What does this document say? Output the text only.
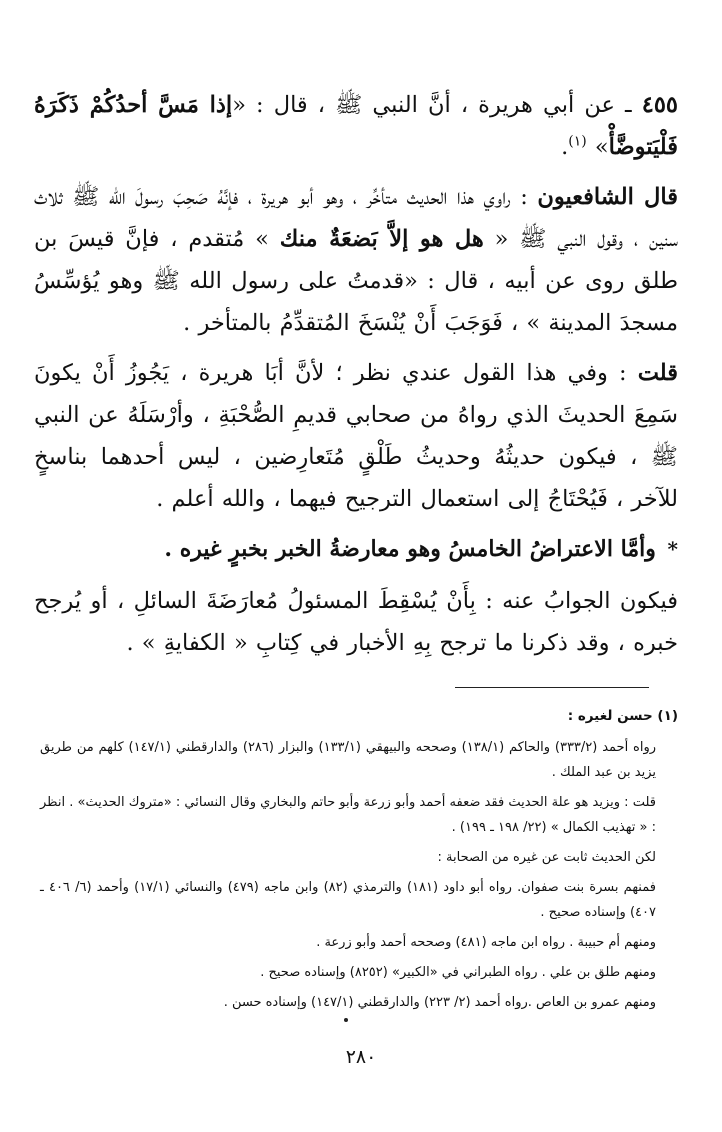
٤٥٥ ـ عن أبي هريرة ، أنَّ النبي ﷺ ، قال : «إذا مَسَّ أحدُكُمْ ذَكَرَهُ فَلْيَتوضَّأْ» $^{(١)}$.

قال الشافعيون : راوي هذا الحديث متأخِّر ، وهو أبو هريرة ، فإنَّهُ صَحِبَ رسولَ الله ﷺ ثلاث سنين ، وقول النبي ﷺ « هل هو إلاَّ بَضعَةٌ منك » مُتقدم ، فإنَّ قيسَ بن طلق روى عن أبيه ، قال : «قدمتُ على رسول الله ﷺ وهو يُؤسِّسُ مسجدَ المدينة » ، فَوَجَبَ أَنْ يُنْسَخَ المُتقدِّمُ بالمتأخر .

قلت : وفي هذا القول عندي نظر ؛ لأنَّ أبَا هريرة ، يَجُوزُ أَنْ يكونَ سَمِعَ الحديثَ الذي رواهُ من صحابي قديمِ الصُّحْبَةِ ، وأرْسَلَهُ عن النبي ﷺ ، فيكون حديثُهُ وحديثُ طَلْقٍ مُتَعارِضين ، ليس أحدهما بناسخٍ للآخر ، فَيُحْتَاجُ إلى استعمال الترجيح فيهما ، والله أعلم .

* وأمَّا الاعتراضُ الخامسُ وهو معارضةُ الخبر بخبرٍ غيره .

فيكون الجوابُ عنه : بِأَنْ يُسْقِطَ المسئولُ مُعارَضَةَ السائلِ ، أو يُرجح خبره ، وقد ذكرنا ما ترجح بِهِ الأخبار في كِتابِ « الكفايةِ » .

(١) حسن لغيره :

رواه أحمد (٣٣٣/٢) والحاكم (١٣٨/١) وصححه والبيهقي (١٣٣/١) والبزار (٢٨٦) والدارقطني (١٤٧/١) كلهم من طريق يزيد بن عبد الملك .

قلت : ويزيد هو علة الحديث فقد ضعفه أحمد وأبو زرعة وأبو حاتم والبخاري وقال النسائي : «متروك الحديث» . انظر : « تهذيب الكمال » (٢٢/ ١٩٨ ـ ١٩٩) .

لكن الحديث ثابت عن غيره من الصحابة :

فمنهم بسرة بنت صفوان. رواه أبو داود (١٨١) والترمذي (٨٢) وابن ماجه (٤٧٩) والنسائي (١٧/١) وأحمد (٦/ ٤٠٦ ـ ٤٠٧) وإسناده صحيح .

ومنهم أم حبيبة . رواه ابن ماجه (٤٨١) وصححه أحمد وأبو زرعة .

ومنهم طلق بن علي . رواه الطبراني في «الكبير» (٨٢٥٢) وإسناده صحيح .

ومنهم عمرو بن العاص .رواه أحمد (٢/ ٢٢٣) والدارقطني (١٤٧/١) وإسناده حسن .

٢٨٠
